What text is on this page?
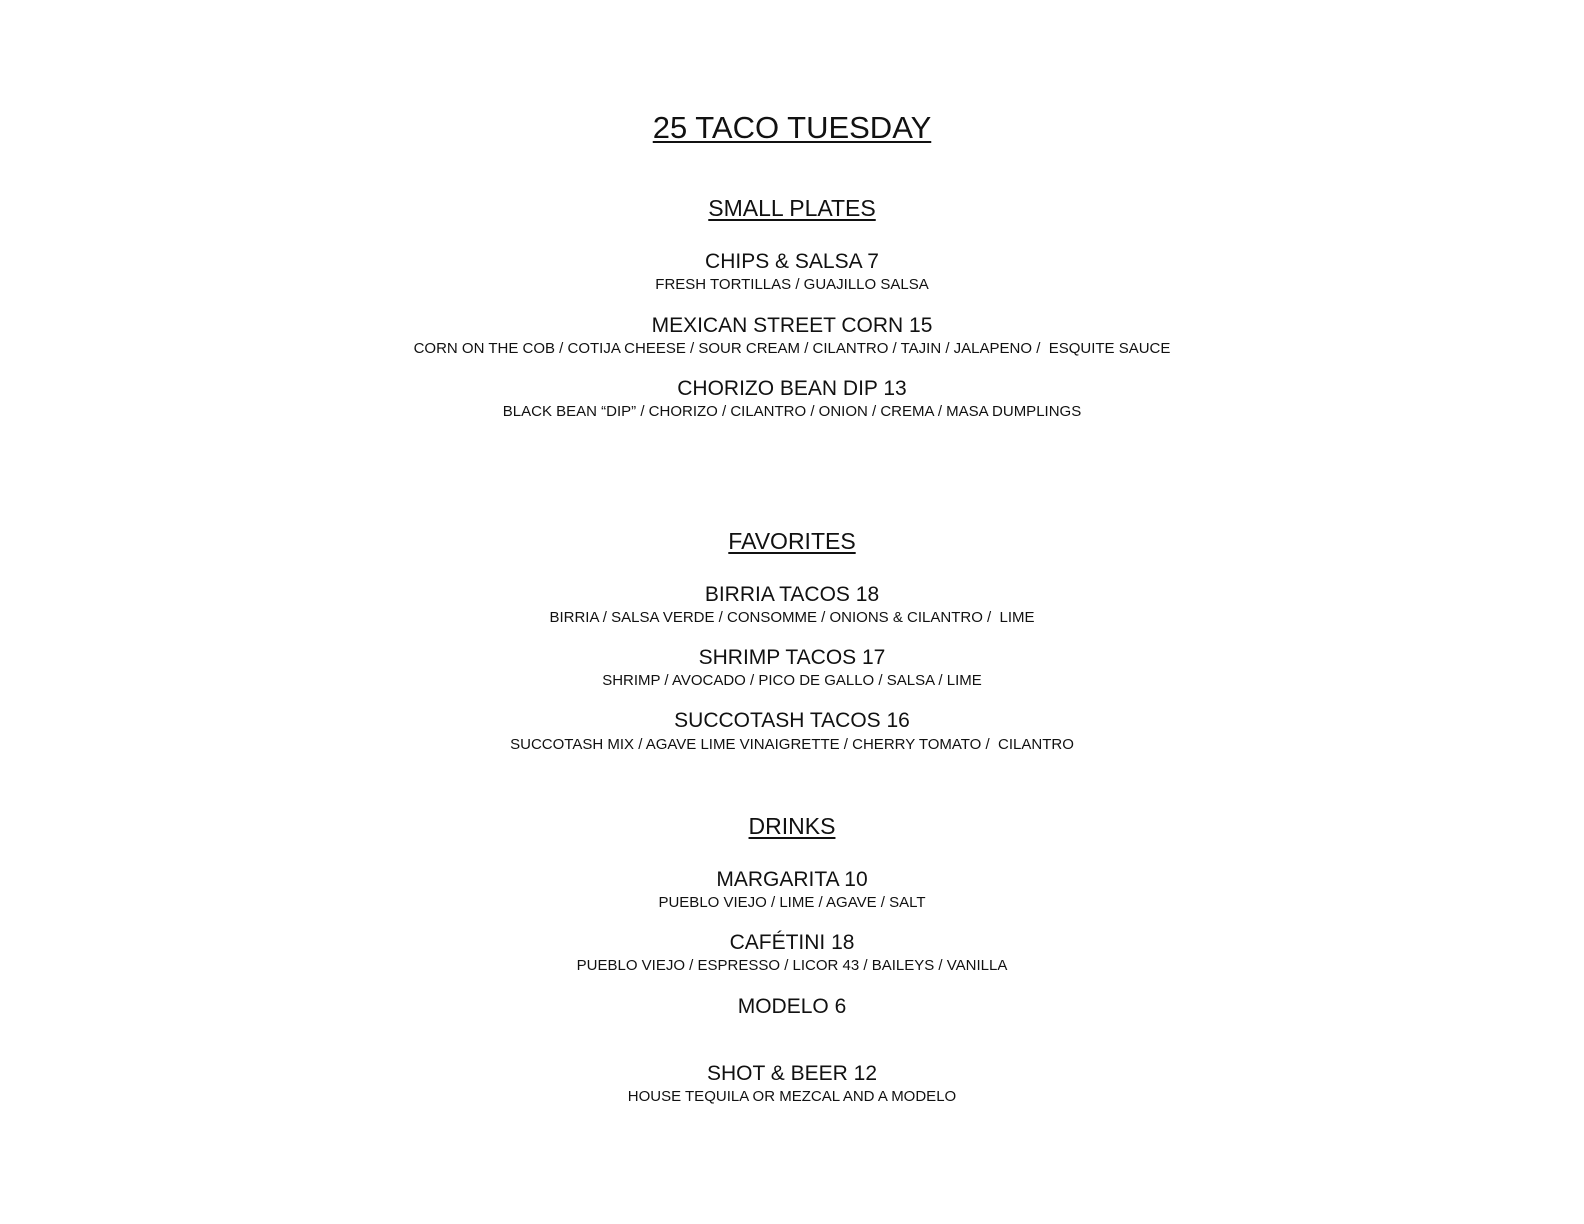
25 TACO TUESDAY
SMALL PLATES
CHIPS & SALSA 7
FRESH TORTILLAS / GUAJILLO SALSA
MEXICAN STREET CORN 15
CORN ON THE COB / COTIJA CHEESE / SOUR CREAM / CILANTRO / TAJIN / JALAPENO /  ESQUITE SAUCE
CHORIZO BEAN DIP 13
BLACK BEAN “DIP” / CHORIZO / CILANTRO / ONION / CREMA / MASA DUMPLINGS
FAVORITES
BIRRIA TACOS 18
BIRRIA / SALSA VERDE / CONSOMME / ONIONS & CILANTRO /  LIME
SHRIMP TACOS 17
SHRIMP / AVOCADO / PICO DE GALLO / SALSA / LIME
SUCCOTASH TACOS 16
SUCCOTASH MIX / AGAVE LIME VINAIGRETTE / CHERRY TOMATO /  CILANTRO
DRINKS
MARGARITA 10
PUEBLO VIEJO / LIME / AGAVE / SALT
CAFÉTINI 18
PUEBLO VIEJO / ESPRESSO / LICOR 43 / BAILEYS / VANILLA
MODELO 6
SHOT & BEER 12
HOUSE TEQUILA OR MEZCAL AND A MODELO
